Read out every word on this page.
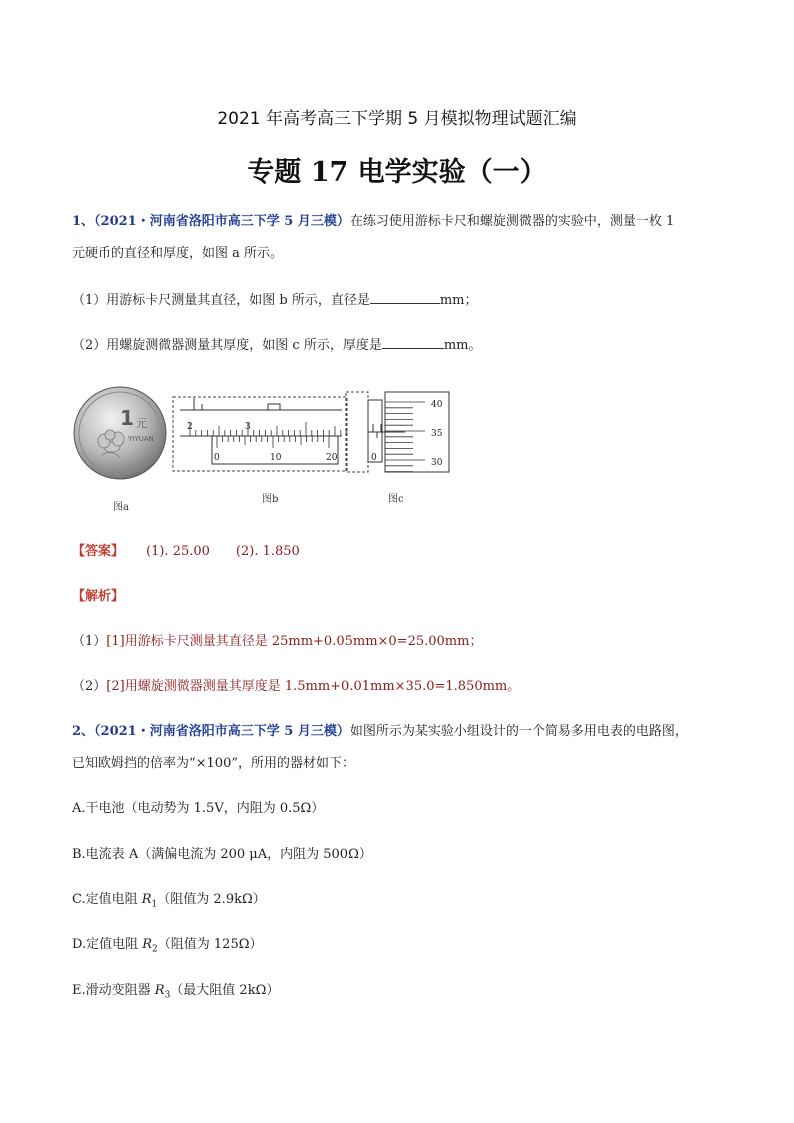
2021 年高考高三下学期 5 月模拟物理试题汇编
专题 17 电学实验（一）
1、（2021・河南省洛阳市高三下学 5 月三模）在练习使用游标卡尺和螺旋测微器的实验中，测量一枚 1
元硬币的直径和厚度，如图 a 所示。
（1）用游标卡尺测量其直径，如图 b 所示，直径是	mm；
（2）用螺旋测微器测量其厚度，如图 c 所示，厚度是	mm。
1 元
YIYUAN
图a
2	3
0	10	20
图b
0
40
35
30
图c
【答案】 (1). 25.00 (2). 1.850
【解析】
（1）[1]用游标卡尺测量其直径是 25mm+0.05mm×0=25.00mm；
（2）[2]用螺旋测微器测量其厚度是 1.5mm+0.01mm×35.0=1.850mm。
2、（2021・河南省洛阳市高三下学 5 月三模）如图所示为某实验小组设计的一个简易多用电表的电路图，
已知欧姆挡的倍率为“×100”，所用的器材如下：
A.干电池（电动势为 1.5V，内阻为 0.5Ω）
B.电流表 A（满偏电流为 200 μA，内阻为 500Ω）
C.定值电阻 $R_1$（阻值为 2.9kΩ）
D.定值电阻 $R_2$（阻值为 125Ω）
E.滑动变阻器 $R_3$（最大阻值 2kΩ）
